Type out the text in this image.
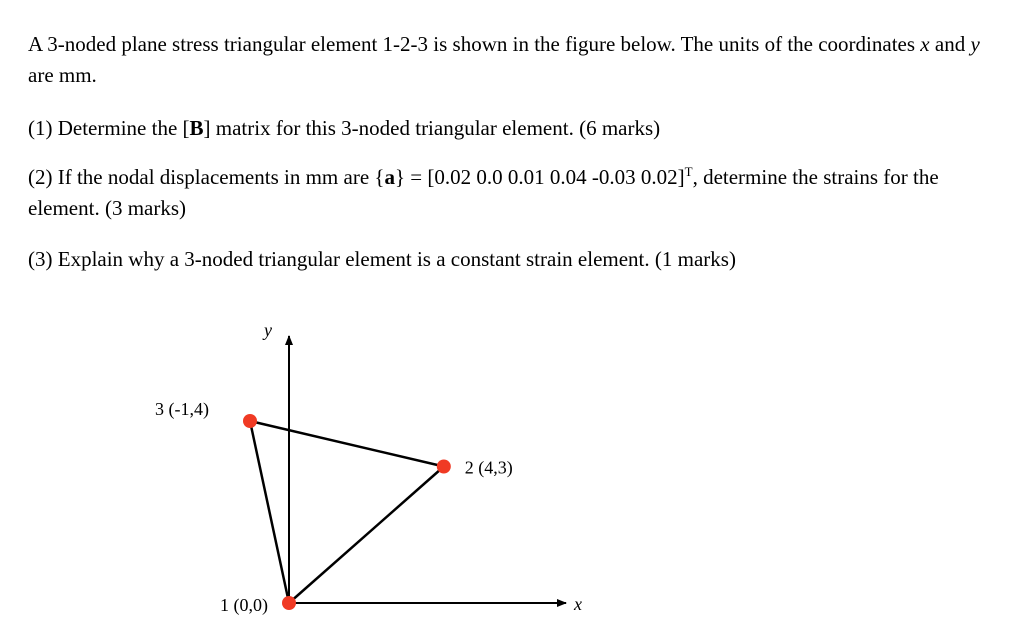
A 3-noded plane stress triangular element 1-2-3 is shown in the figure below. The units of the coordinates x and y are mm.

(1) Determine the [B] matrix for this 3-noded triangular element. (6 marks)

(2) If the nodal displacements in mm are {a} = [0.02 0.0 0.01 0.04 -0.03 0.02]$^T$, determine the strains for the element. (3 marks)

(3) Explain why a 3-noded triangular element is a constant strain element. (1 marks)

x
y
1 (0,0)
2 (4,3)
3 (-1,4)
